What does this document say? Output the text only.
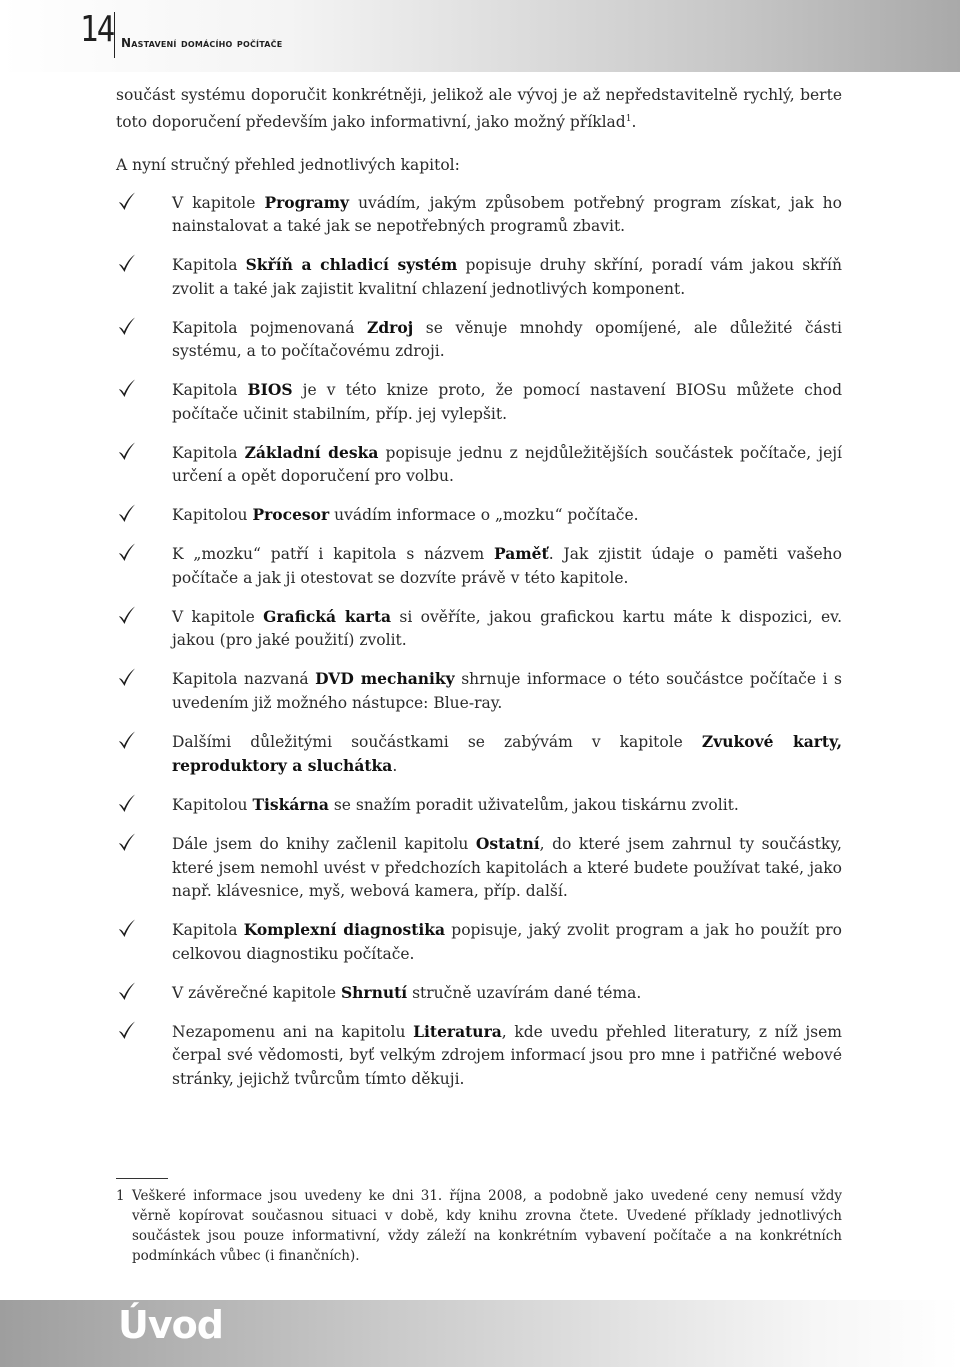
14 Nastavení domácího počítače

součást systému doporučit konkrétněji, jelikož ale vývoj je až nepředstavitelně rychlý, berte toto doporučení především jako informativní, jako možný příklad$^1$.

A nyní stručný přehled jednotlivých kapitol:

V kapitole Programy uvádím, jakým způsobem potřebný program získat, jak ho nainstalovat a také jak se nepotřebných programů zbavit.
Kapitola Skříň a chladicí systém popisuje druhy skříní, poradí vám jakou skříň zvolit a také jak zajistit kvalitní chlazení jednotlivých komponent.
Kapitola pojmenovaná Zdroj se věnuje mnohdy opomíjené, ale důležité části systému, a to počítačovému zdroji.
Kapitola BIOS je v této knize proto, že pomocí nastavení BIOSu můžete chod počítače učinit stabilním, příp. jej vylepšit.
Kapitola Základní deska popisuje jednu z nejdůležitějších součástek počítače, její určení a opět doporučení pro volbu.
Kapitolou Procesor uvádím informace o „mozku“ počítače.
K „mozku“ patří i kapitola s názvem Paměť. Jak zjistit údaje o paměti vašeho počítače a jak ji otestovat se dozvíte právě v této kapitole.
V kapitole Grafická karta si ověříte, jakou grafickou kartu máte k dispozici, ev. jakou (pro jaké použití) zvolit.
Kapitola nazvaná DVD mechaniky shrnuje informace o této součástce počítače i s uvedením již možného nástupce: Blue-ray.
Dalšími důležitými součástkami se zabývám v kapitole Zvukové karty, reproduktory a sluchátka.
Kapitolou Tiskárna se snažím poradit uživatelům, jakou tiskárnu zvolit.
Dále jsem do knihy začlenil kapitolu Ostatní, do které jsem zahrnul ty součástky, které jsem nemohl uvést v předchozích kapitolách a které budete používat také, jako např. klávesnice, myš, webová kamera, příp. další.
Kapitola Komplexní diagnostika popisuje, jaký zvolit program a jak ho použít pro celkovou diagnostiku počítače.
V závěrečné kapitole Shrnutí stručně uzavírám dané téma.
Nezapomenu ani na kapitolu Literatura, kde uvedu přehled literatury, z níž jsem čerpal své vědomosti, byť velkým zdrojem informací jsou pro mne i patřičné webové stránky, jejichž tvůrcům tímto děkuji.
1 Veškeré informace jsou uvedeny ke dni 31. října 2008, a podobně jako uvedené ceny nemusí vždy věrně kopírovat současnou situaci v době, kdy knihu zrovna čtete. Uvedené příklady jednotlivých součástek jsou pouze informativní, vždy záleží na konkrétním vybavení počítače a na konkrétních podmínkách vůbec (i finančních).
Úvod
